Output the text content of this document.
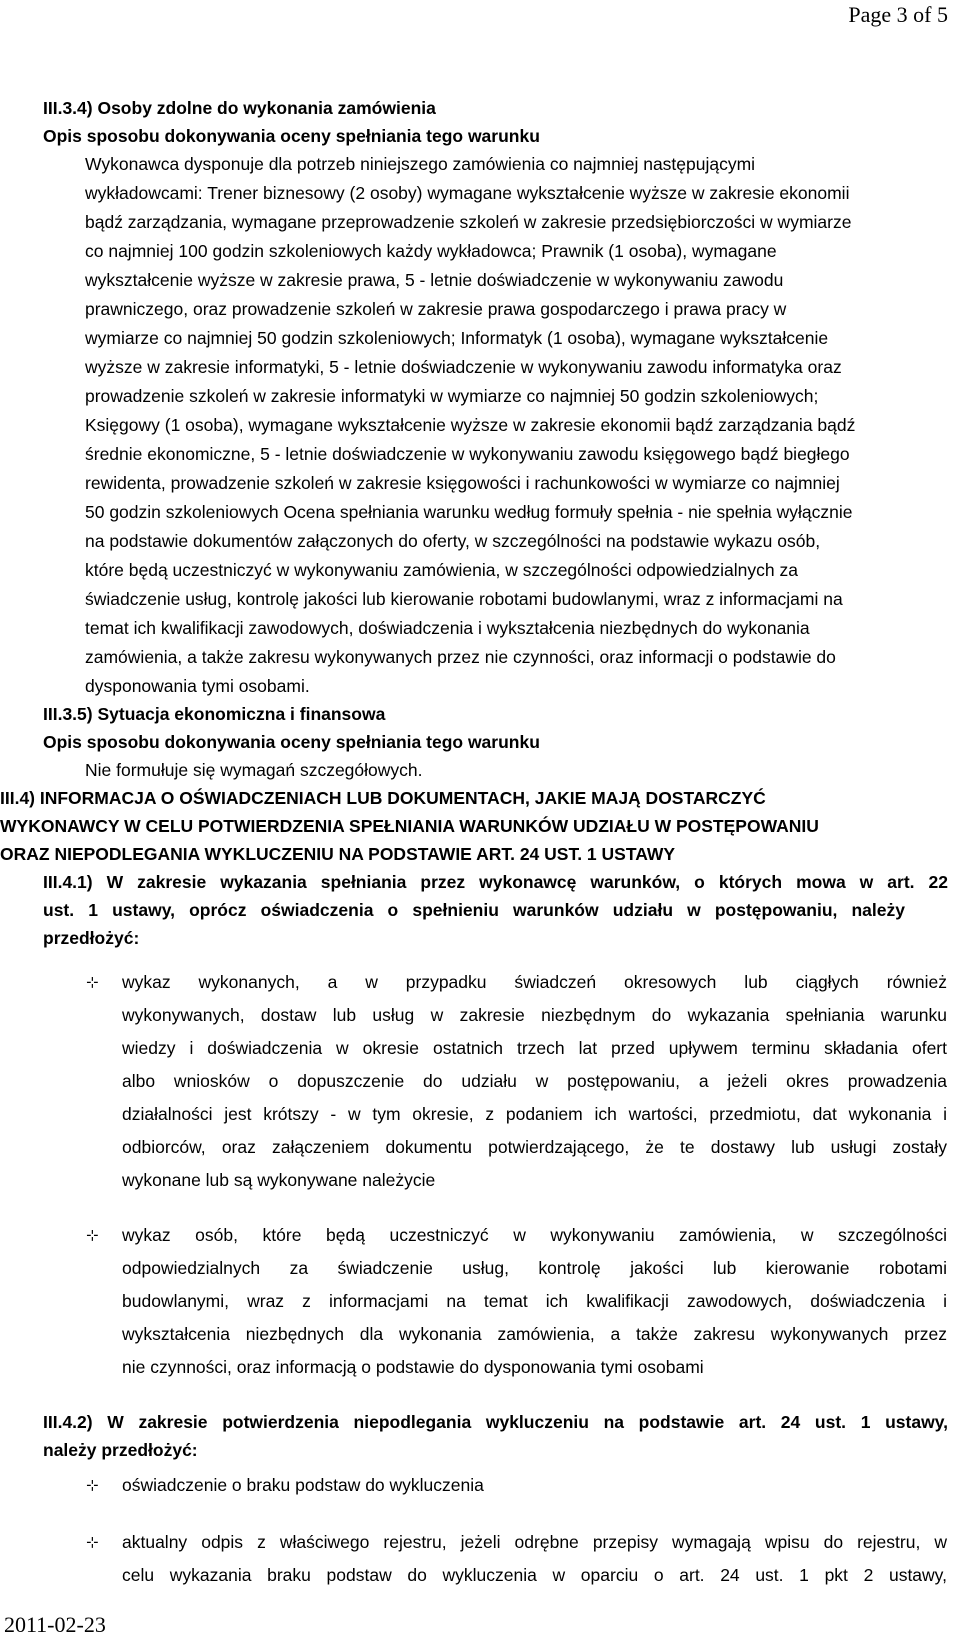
Page 3 of 5
III.3.4) Osoby zdolne do wykonania zamówienia
Opis sposobu dokonywania oceny spełniania tego warunku
Wykonawca dysponuje dla potrzeb niniejszego zamówienia co najmniej następującymi
wykładowcami: Trener biznesowy (2 osoby) wymagane wykształcenie wyższe w zakresie ekonomii
bądź zarządzania, wymagane przeprowadzenie szkoleń w zakresie przedsiębiorczości w wymiarze
co najmniej 100 godzin szkoleniowych każdy wykładowca; Prawnik (1 osoba), wymagane
wykształcenie wyższe w zakresie prawa, 5 - letnie doświadczenie w wykonywaniu zawodu
prawniczego, oraz prowadzenie szkoleń w zakresie prawa gospodarczego i prawa pracy w
wymiarze co najmniej 50 godzin szkoleniowych; Informatyk (1 osoba), wymagane wykształcenie
wyższe w zakresie informatyki, 5 - letnie doświadczenie w wykonywaniu zawodu informatyka oraz
prowadzenie szkoleń w zakresie informatyki w wymiarze co najmniej 50 godzin szkoleniowych;
Księgowy (1 osoba), wymagane wykształcenie wyższe w zakresie ekonomii bądź zarządzania bądź
średnie ekonomiczne, 5 - letnie doświadczenie w wykonywaniu zawodu księgowego bądź biegłego
rewidenta, prowadzenie szkoleń w zakresie księgowości i rachunkowości w wymiarze co najmniej
50 godzin szkoleniowych Ocena spełniania warunku według formuły spełnia - nie spełnia wyłącznie
na podstawie dokumentów załączonych do oferty, w szczególności na podstawie wykazu osób,
które będą uczestniczyć w wykonywaniu zamówienia, w szczególności odpowiedzialnych za
świadczenie usług, kontrolę jakości lub kierowanie robotami budowlanymi, wraz z informacjami na
temat ich kwalifikacji zawodowych, doświadczenia i wykształcenia niezbędnych do wykonania
zamówienia, a także zakresu wykonywanych przez nie czynności, oraz informacji o podstawie do
dysponowania tymi osobami.
III.3.5) Sytuacja ekonomiczna i finansowa
Opis sposobu dokonywania oceny spełniania tego warunku
Nie formułuje się wymagań szczegółowych.
III.4) INFORMACJA O OŚWIADCZENIACH LUB DOKUMENTACH, JAKIE MAJĄ DOSTARCZYĆ
WYKONAWCY W CELU POTWIERDZENIA SPEŁNIANIA WARUNKÓW UDZIAŁU W POSTĘPOWANIU
ORAZ NIEPODLEGANIA WYKLUCZENIU NA PODSTAWIE ART. 24 UST. 1 USTAWY
III.4.1) W zakresie wykazania spełniania przez wykonawcę warunków, o których mowa w art. 22
ust. 1 ustawy, oprócz oświadczenia o spełnieniu warunków udziału w postępowaniu, należy
przedłożyć:
⊹ wykaz wykonanych, a w przypadku świadczeń okresowych lub ciągłych również
wykonywanych, dostaw lub usług w zakresie niezbędnym do wykazania spełniania warunku
wiedzy i doświadczenia w okresie ostatnich trzech lat przed upływem terminu składania ofert
albo wniosków o dopuszczenie do udziału w postępowaniu, a jeżeli okres prowadzenia
działalności jest krótszy - w tym okresie, z podaniem ich wartości, przedmiotu, dat wykonania i
odbiorców, oraz załączeniem dokumentu potwierdzającego, że te dostawy lub usługi zostały
wykonane lub są wykonywane należycie
⊹ wykaz osób, które będą uczestniczyć w wykonywaniu zamówienia, w szczególności
odpowiedzialnych za świadczenie usług, kontrolę jakości lub kierowanie robotami
budowlanymi, wraz z informacjami na temat ich kwalifikacji zawodowych, doświadczenia i
wykształcenia niezbędnych dla wykonania zamówienia, a także zakresu wykonywanych przez
nie czynności, oraz informacją o podstawie do dysponowania tymi osobami
III.4.2) W zakresie potwierdzenia niepodlegania wykluczeniu na podstawie art. 24 ust. 1 ustawy,
należy przedłożyć:
⊹ oświadczenie o braku podstaw do wykluczenia
⊹ aktualny odpis z właściwego rejestru, jeżeli odrębne przepisy wymagają wpisu do rejestru, w
celu wykazania braku podstaw do wykluczenia w oparciu o art. 24 ust. 1 pkt 2 ustawy,
2011-02-23
